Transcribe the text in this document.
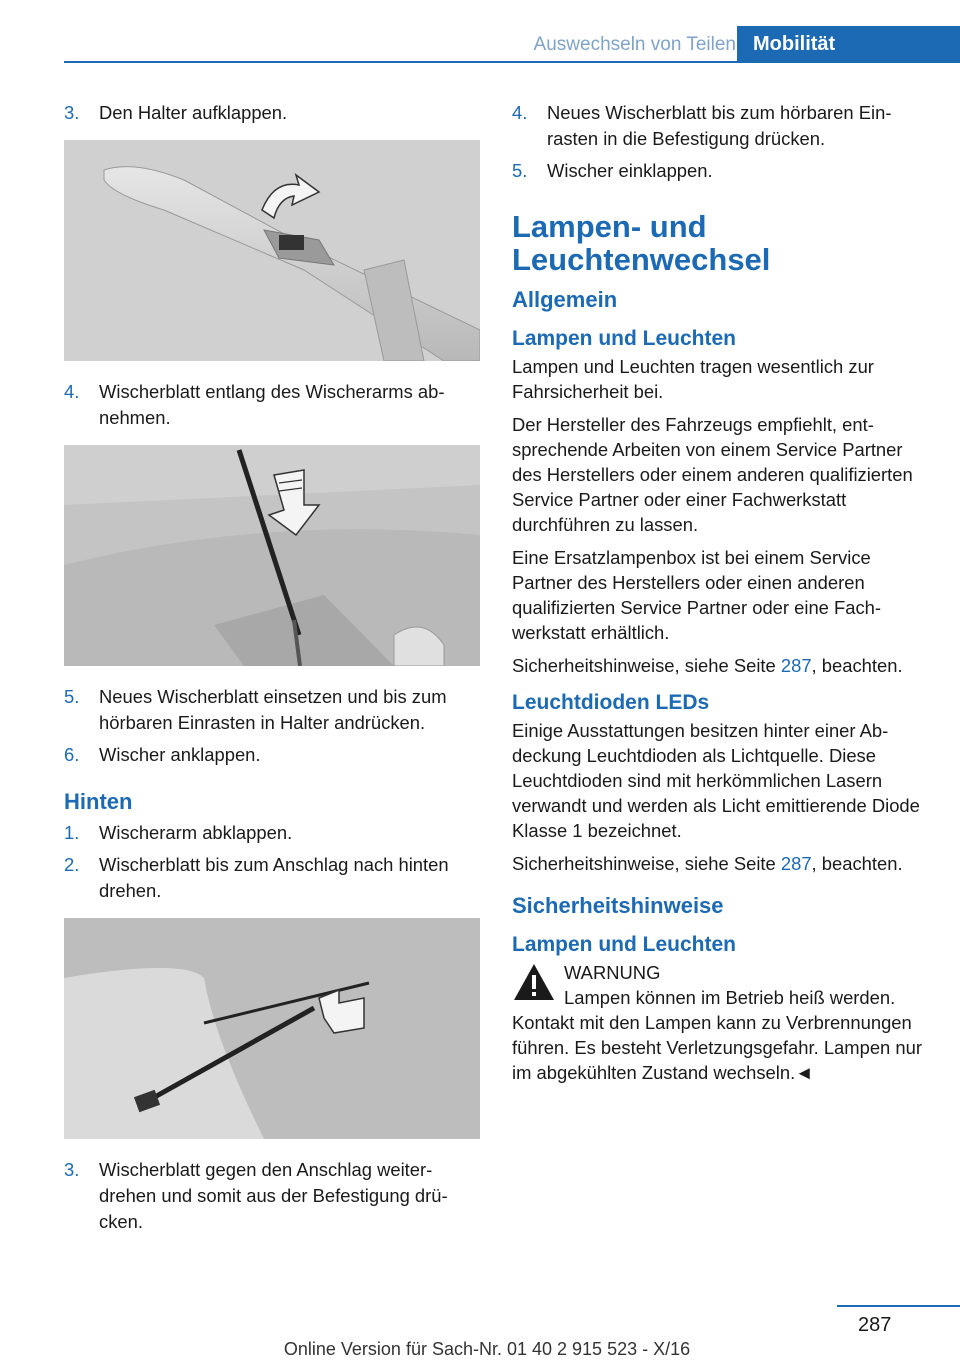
Auswechseln von Teilen Mobilität
3.	Den Halter aufklappen.
4.	Wischerblatt entlang des Wischerarms abnehmen.
5.	Neues Wischerblatt einsetzen und bis zum hörbaren Einrasten in Halter andrücken.
6.	Wischer anklappen.
Hinten
1.	Wischerarm abklappen.
2.	Wischerblatt bis zum Anschlag nach hinten drehen.
3.	Wischerblatt gegen den Anschlag weiterdrehen und somit aus der Befestigung drücken.
4.	Neues Wischerblatt bis zum hörbaren Einrasten in die Befestigung drücken.
5.	Wischer einklappen.
Lampen- und Leuchtenwechsel
Allgemein
Lampen und Leuchten

Lampen und Leuchten tragen wesentlich zur Fahrsicherheit bei.

Der Hersteller des Fahrzeugs empfiehlt, entsprechende Arbeiten von einem Service Partner des Herstellers oder einem anderen qualifizierten Service Partner oder einer Fachwerkstatt durchführen zu lassen.

Eine Ersatzlampenbox ist bei einem Service Partner des Herstellers oder einen anderen qualifizierten Service Partner oder eine Fachwerkstatt erhältlich.

Sicherheitshinweise, siehe Seite 287, beachten.

Leuchtdioden LEDs

Einige Ausstattungen besitzen hinter einer Abdeckung Leuchtdioden als Lichtquelle. Diese Leuchtdioden sind mit herkömmlichen Lasern verwandt und werden als Licht emittierende Diode Klasse 1 bezeichnet.

Sicherheitshinweise, siehe Seite 287, beachten.

Sicherheitshinweise
Lampen und Leuchten
WARNUNG
Lampen können im Betrieb heiß werden.

Kontakt mit den Lampen kann zu Verbrennungen führen. Es besteht Verletzungsgefahr. Lampen nur im abgekühlten Zustand wechseln.◄

287
Online Version für Sach-Nr. 01 40 2 915 523 - X/16
